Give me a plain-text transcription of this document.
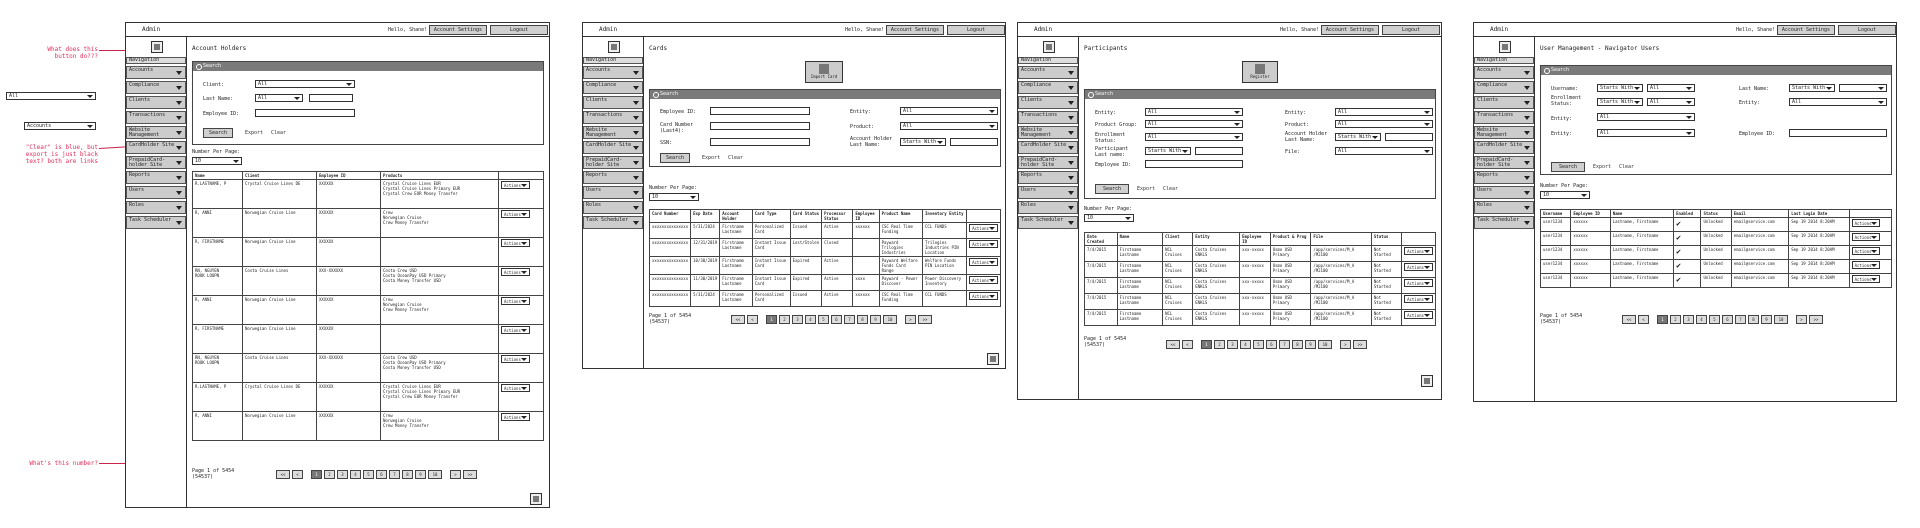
What does this button do???
"Clear" is blue, but export is just black text? both are links
What's this number?
All
Accounts
Admin	Hello, Shane!	Account Settings	Logout
Account Holders
Navigation
Accounts
Compliance
Clients
Transactions
Website Management
CardHolder Site
PrepaidCard-holder Site
Reports
Users
Roles
Task Scheduler
Search
Client:	All
Last Name:	All
Employee ID:
Search	Export Clear
Number Per Page:
10
Name	Client	Employee ID	Products	
R.LASTNAME, P	Crystal Cruise Lines DE	XXXXXX	Crystal Cruise Lines EUR
Crystal Cruise Lines Primary EUR
Crystal Crew EUR Money Transfer	Actions
R, ANNI	Norwegian Cruise Line	XXXXXX	Crew
Norwegian Cruise
Crew Money Transfer	Actions
R, FIRSTNAME	Norwegian Cruise Line	XXXXXX		Actions
RN, NGUYEN
ROOK LOOPN	Costa Cruise Lines	XXX-XXXXXX	Costa Crew USD
Costa OceanPay USD Primary
Costa Money Transfer USD	Actions
R, ANNI	Norwegian Cruise Line	XXXXXX	Crew
Norwegian Cruise
Crew Money Transfer	Actions
R, FIRSTNAME	Norwegian Cruise Line	XXXXXX		Actions
RN, NGUYEN
ROOK LOOPN	Costa Cruise Lines	XXX-XXXXXX	Costa Crew USD
Costa OceanPay USD Primary
Costa Money Transfer USD	Actions
R.LASTNAME, P	Crystal Cruise Lines DE	XXXXXX	Crystal Cruise Lines EUR
Crystal Cruise Lines Primary EUR
Crystal Crew EUR Money Transfer	Actions
R, ANNI	Norwegian Cruise Line	XXXXXX	Crew
Norwegian Cruise
Crew Money Transfer	Actions
Page 1 of 5454
(54537)	<<	<	1	2	3	4	5	6	7	8	9	10	>	>>
Admin	Hello, Shane!	Account Settings	Logout
Cards
Navigation
Accounts
Compliance
Clients
Transactions
Website Management
CardHolder Site
PrepaidCard-holder Site
Reports
Users
Roles
Task Scheduler
Import Card
Search
Employee ID:
Card Number (Last4):
SSN:
Entity:	All
Product:	All
Account Holder Last Name:	Starts With
Search	Export Clear
Number Per Page:
10
Card Number	Exp Date	Account Holder	Card Type	Card Status	Processor Status	Employee ID	Product Name	Inventory Entity	
xxxxxxxxxxxxxxx	5/31/2024	Firstname Lastname	Personalized Card	Issued	Active	xxxxxx	CSC Real Time Funding	CCL FUNDS	Actions
xxxxxxxxxxxxxxx	12/31/2019	Firstname Lastname	Instant Issue Card	Lost/Stolen	Closed		Payward Trilogies Industries	Trilogies Industries PIN Location	Actions
xxxxxxxxxxxxxxx	10/30/2019	Firstname Lastname	Instant Issue Card	Expired	Active		Payward Welfare Funds Card Range	Welfare Funds PIN Location	Actions
xxxxxxxxxxxxxxx	11/30/2019	Firstname Lastname	Instant Issue Card	Expired	Active	xxxx	Payward - Power Discover	Power Discovery Inventory	Actions
xxxxxxxxxxxxxxx	5/31/2024	Firstname Lastname	Personalized Card	Issued	Active	xxxxxx	CSC Real Time Funding	CCL FUNDS	Actions
Page 1 of 5454
(54537)	<<	<	1	2	3	4	5	6	7	8	9	10	>	>>
Admin	Hello, Shane!	Account Settings	Logout
Participants
Navigation
Accounts
Compliance
Clients
Transactions
Website Management
CardHolder Site
PrepaidCard-holder Site
Reports
Users
Roles
Task Scheduler
Register
Search
Entity:	All
Product Group:	All
Enrollment Status:
All
Participant Last name:
Starts With
Employee ID:
Entity:	All
Product:	All
Account Holder Last Name:	Starts With
File:	All
Search	Export Clear
Number Per Page:
10
Date Created	Name	Client	Entity	Employee ID	Product & Prog	File	Status	
7/4/2015	Firstname Lastname	NCL Cruises	Costa Cruises ENKLS	xxx-xxxxx	Osmo USD Primary	/app/services/M_A /M2100	Not Started	Actions
7/4/2015	Firstname Lastname	NCL Cruises	Costa Cruises ENKLS	xxx-xxxxx	Osmo USD Primary	/app/services/M_A /M2100	Not Started	Actions
7/4/2015	Firstname Lastname	NCL Cruises	Costa Cruises ENKLS	xxx-xxxxx	Osmo USD Primary	/app/services/M_A /M2100	Not Started	Actions
7/4/2015	Firstname Lastname	NCL Cruises	Costa Cruises ENKLS	xxx-xxxxx	Osmo USD Primary	/app/services/M_A /M2100	Not Started	Actions
7/4/2015	Firstname Lastname	NCL Cruises	Costa Cruises ENKLS	xxx-xxxxx	Osmo USD Primary	/app/services/M_A /M2100	Not Started	Actions
Page 1 of 5454
(54537)	<<	<	1	2	3	4	5	6	7	8	9	10	>	>>
Admin	Hello, Shane!	Account Settings	Logout
User Management - Navigator Users
Navigation
Accounts
Compliance
Clients
Transactions
Website Management
CardHolder Site
PrepaidCard-holder Site
Reports
Users
Roles
Task Scheduler
Search
Username:	Starts With	All
Enrollment Status:	Starts With	All
Entity:	All
Entity:	All
Last Name:	Starts With
Entity:	All
Employee ID:
Search	Export Clear
Number Per Page:
10
Username	Employee ID	Name	Enabled	Status	Email	Last Login Date	
user1234	xxxxxx	Lastname, Firstname	✔	Unlocked	email@service.com	Sep 19 2014 8:20AM	Actions
user1234	xxxxxx	Lastname, Firstname	✔	Unlocked	email@service.com	Sep 19 2014 8:20AM	Actions
user1234	xxxxxx	Lastname, Firstname	✔	Unlocked	email@service.com	Sep 19 2014 8:20AM	Actions
user1234	xxxxxx	Lastname, Firstname	✔	Unlocked	email@service.com	Sep 19 2014 8:20AM	Actions
user1234	xxxxxx	Lastname, Firstname	✔	Unlocked	email@service.com	Sep 19 2014 8:20AM	Actions
Page 1 of 5454
(54537)	<<	<	1	2	3	4	5	6	7	8	9	10	>	>>
